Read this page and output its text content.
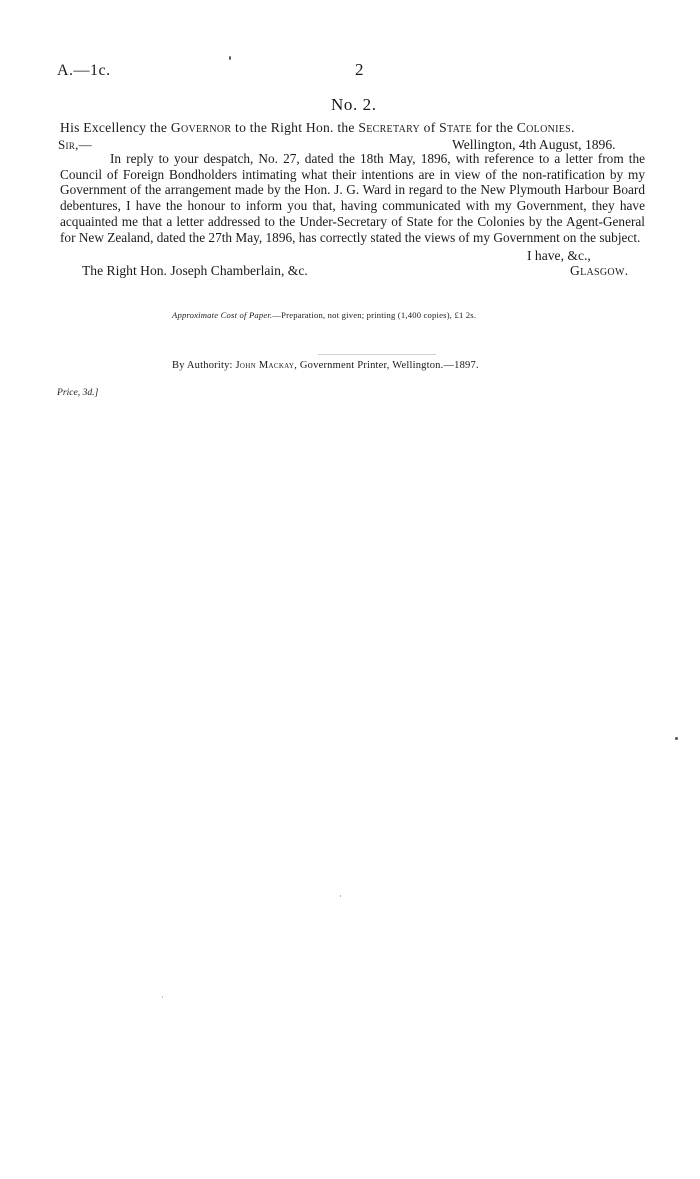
A.—1c.	2
No. 2.
His Excellency the Governor to the Right Hon. the Secretary of State for the Colonies.
Sir,—	Wellington, 4th August, 1896.
In reply to your despatch, No. 27, dated the 18th May, 1896, with reference to a letter from the Council of Foreign Bondholders intimating what their intentions are in view of the non-ratification by my Government of the arrangement made by the Hon. J. G. Ward in regard to the New Plymouth Harbour Board debentures, I have the honour to inform you that, having communicated with my Government, they have acquainted me that a letter addressed to the Under-Secretary of State for the Colonies by the Agent-General for New Zealand, dated the 27th May, 1896, has correctly stated the views of my Government on the subject.
I have, &c.,
The Right Hon. Joseph Chamberlain, &c.	Glasgow.
Approximate Cost of Paper.—Preparation, not given; printing (1,400 copies), £1 2s.
By Authority: John Mackay, Government Printer, Wellington.—1897.
Price, 3d.]
